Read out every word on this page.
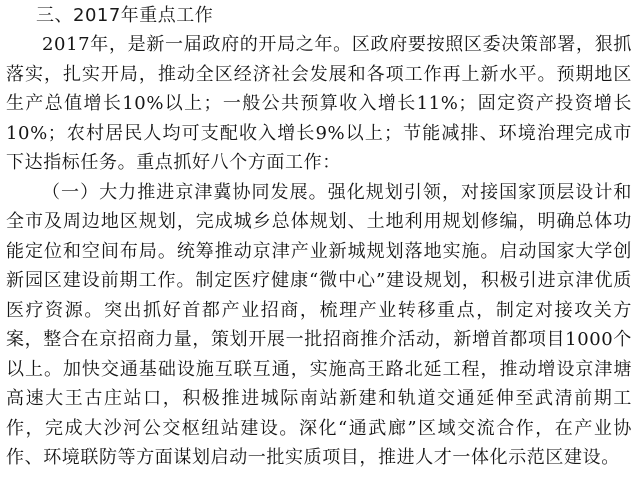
三、2017年重点工作

2017年，是新一届政府的开局之年。区政府要按照区委决策部署，狠抓落实，扎实开局，推动全区经济社会发展和各项工作再上新水平。预期地区生产总值增长10%以上；一般公共预算收入增长11%；固定资产投资增长10%；农村居民人均可支配收入增长9%以上；节能减排、环境治理完成市下达指标任务。重点抓好八个方面工作：

（一）大力推进京津冀协同发展。强化规划引领，对接国家顶层设计和全市及周边地区规划，完成城乡总体规划、土地利用规划修编，明确总体功能定位和空间布局。统筹推动京津产业新城规划落地实施。启动国家大学创新园区建设前期工作。制定医疗健康“微中心”建设规划，积极引进京津优质医疗资源。突出抓好首都产业招商，梳理产业转移重点，制定对接攻关方案，整合在京招商力量，策划开展一批招商推介活动，新增首都项目1000个以上。加快交通基础设施互联互通，实施高王路北延工程，推动增设京津塘高速大王古庄站口，积极推进城际南站新建和轨道交通延伸至武清前期工作，完成大沙河公交枢纽站建设。深化“通武廊”区域交流合作，在产业协作、环境联防等方面谋划启动一批实质项目，推进人才一体化示范区建设。
